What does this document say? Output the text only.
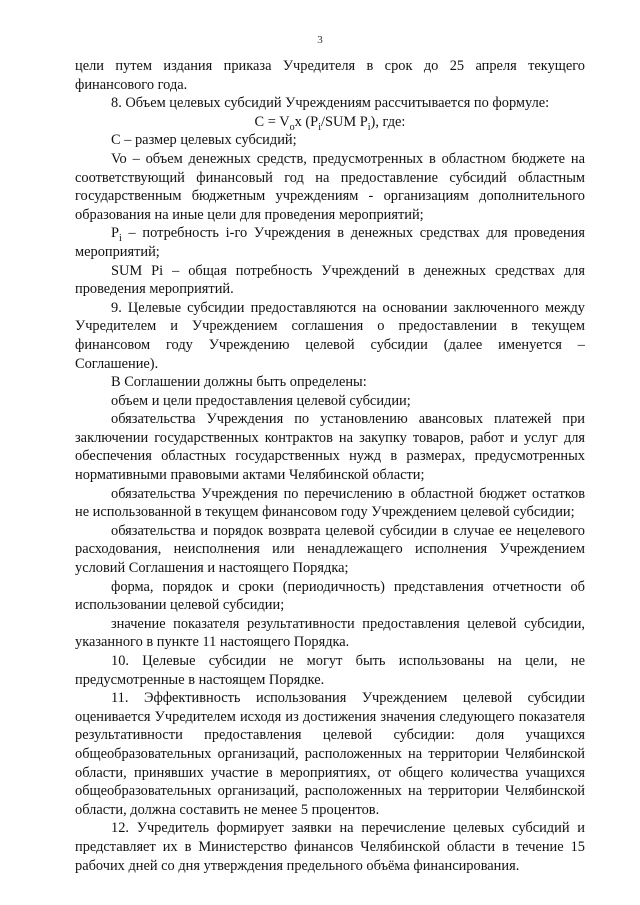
3

цели путем издания приказа Учредителя в срок до 25 апреля текущего финансового года.

8. Объем целевых субсидий Учреждениям рассчитывается по формуле:

$C = V_ox$ ($P_i$/SUM $P_i$), где:

C – размер целевых субсидий;

Vo – объем денежных средств, предусмотренных в областном бюджете на соответствующий финансовый год на предоставление субсидий областным государственным бюджетным учреждениям - организациям дополнительного образования на иные цели для проведения мероприятий;

$P_i$ – потребность i-го Учреждения в денежных средствах для проведения мероприятий;

SUM Pi – общая потребность Учреждений в денежных средствах для проведения мероприятий.

9. Целевые субсидии предоставляются на основании заключенного между Учредителем и Учреждением соглашения о предоставлении в текущем финансовом году Учреждению целевой субсидии (далее именуется – Соглашение).

В Соглашении должны быть определены:

объем и цели предоставления целевой субсидии;

обязательства Учреждения по установлению авансовых платежей при заключении государственных контрактов на закупку товаров, работ и услуг для обеспечения областных государственных нужд в размерах, предусмотренных нормативными правовыми актами Челябинской области;

обязательства Учреждения по перечислению в областной бюджет остатков не использованной в текущем финансовом году Учреждением целевой субсидии;

обязательства и порядок возврата целевой субсидии в случае ее нецелевого расходования, неисполнения или ненадлежащего исполнения Учреждением условий Соглашения и настоящего Порядка;

форма, порядок и сроки (периодичность) представления отчетности об использовании целевой субсидии;

значение показателя результативности предоставления целевой субсидии, указанного в пункте 11 настоящего Порядка.

10. Целевые субсидии не могут быть использованы на цели, не предусмотренные в настоящем Порядке.

11. Эффективность использования Учреждением целевой субсидии оценивается Учредителем исходя из достижения значения следующего показателя результативности предоставления целевой субсидии: доля учащихся общеобразовательных организаций, расположенных на территории Челябинской области, принявших участие в мероприятиях, от общего количества учащихся общеобразовательных организаций, расположенных на территории Челябинской области, должна составить не менее 5 процентов.

12. Учредитель формирует заявки на перечисление целевых субсидий и представляет их в Министерство финансов Челябинской области в течение 15 рабочих дней со дня утверждения предельного объёма финансирования.
